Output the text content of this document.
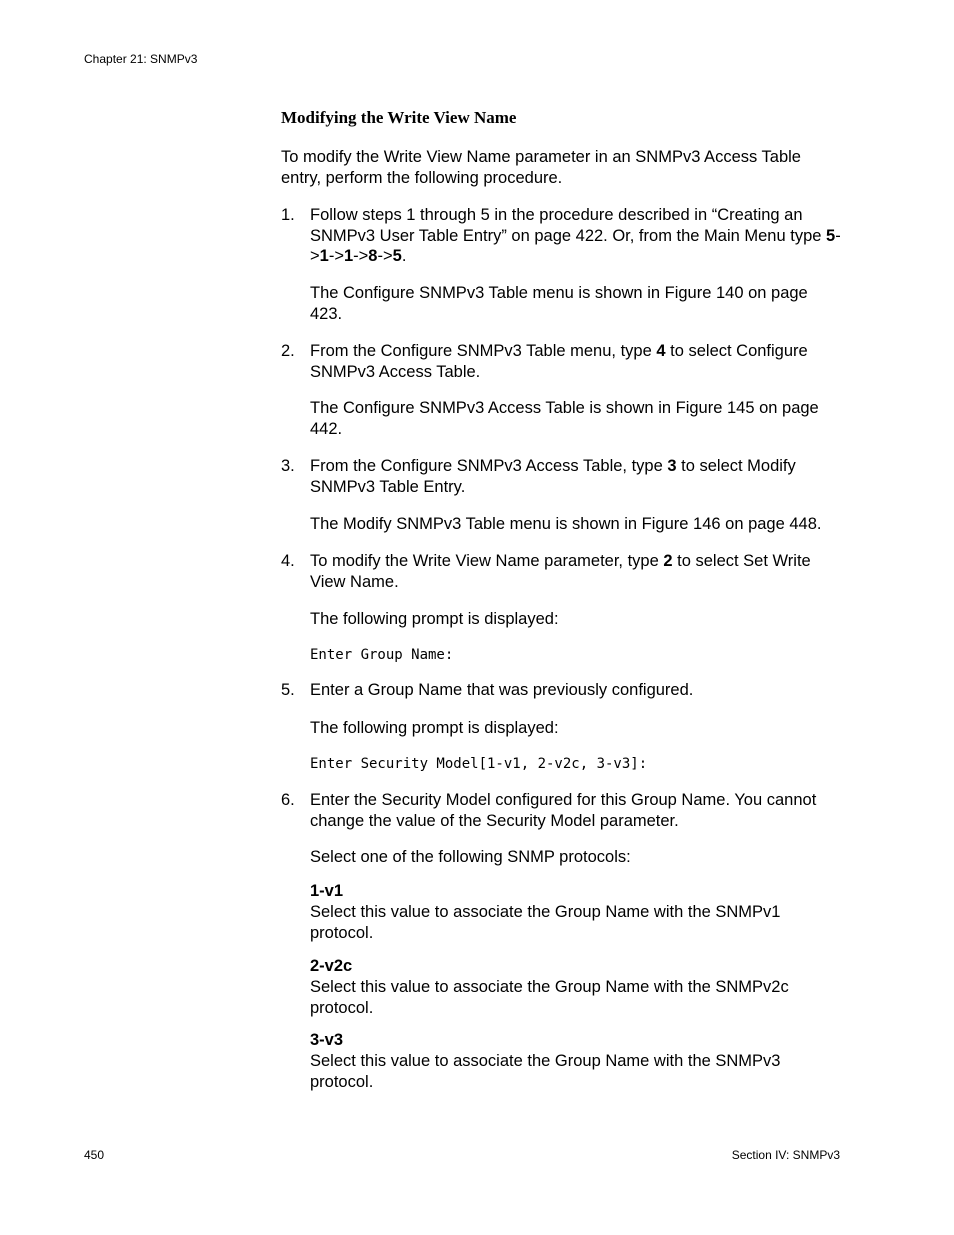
Chapter 21: SNMPv3
Modifying the Write View Name

To modify the Write View Name parameter in an SNMPv3 Access Table entry, perform the following procedure.

1. Follow steps 1 through 5 in the procedure described in “Creating an SNMPv3 User Table Entry” on page 422. Or, from the Main Menu type 5->1->1->8->5.

The Configure SNMPv3 Table menu is shown in Figure 140 on page 423.

2. From the Configure SNMPv3 Table menu, type 4 to select Configure SNMPv3 Access Table.

The Configure SNMPv3 Access Table is shown in Figure 145 on page 442.

3. From the Configure SNMPv3 Access Table, type 3 to select Modify SNMPv3 Table Entry.

The Modify SNMPv3 Table menu is shown in Figure 146 on page 448.

4. To modify the Write View Name parameter, type 2 to select Set Write View Name.

The following prompt is displayed:

Enter Group Name:
5. Enter a Group Name that was previously configured.

The following prompt is displayed:

Enter Security Model[1-v1, 2-v2c, 3-v3]:
6. Enter the Security Model configured for this Group Name. You cannot change the value of the Security Model parameter.

Select one of the following SNMP protocols:

1-v1

Select this value to associate the Group Name with the SNMPv1 protocol.

2-v2c

Select this value to associate the Group Name with the SNMPv2c protocol.

3-v3

Select this value to associate the Group Name with the SNMPv3 protocol.

450	Section IV: SNMPv3
